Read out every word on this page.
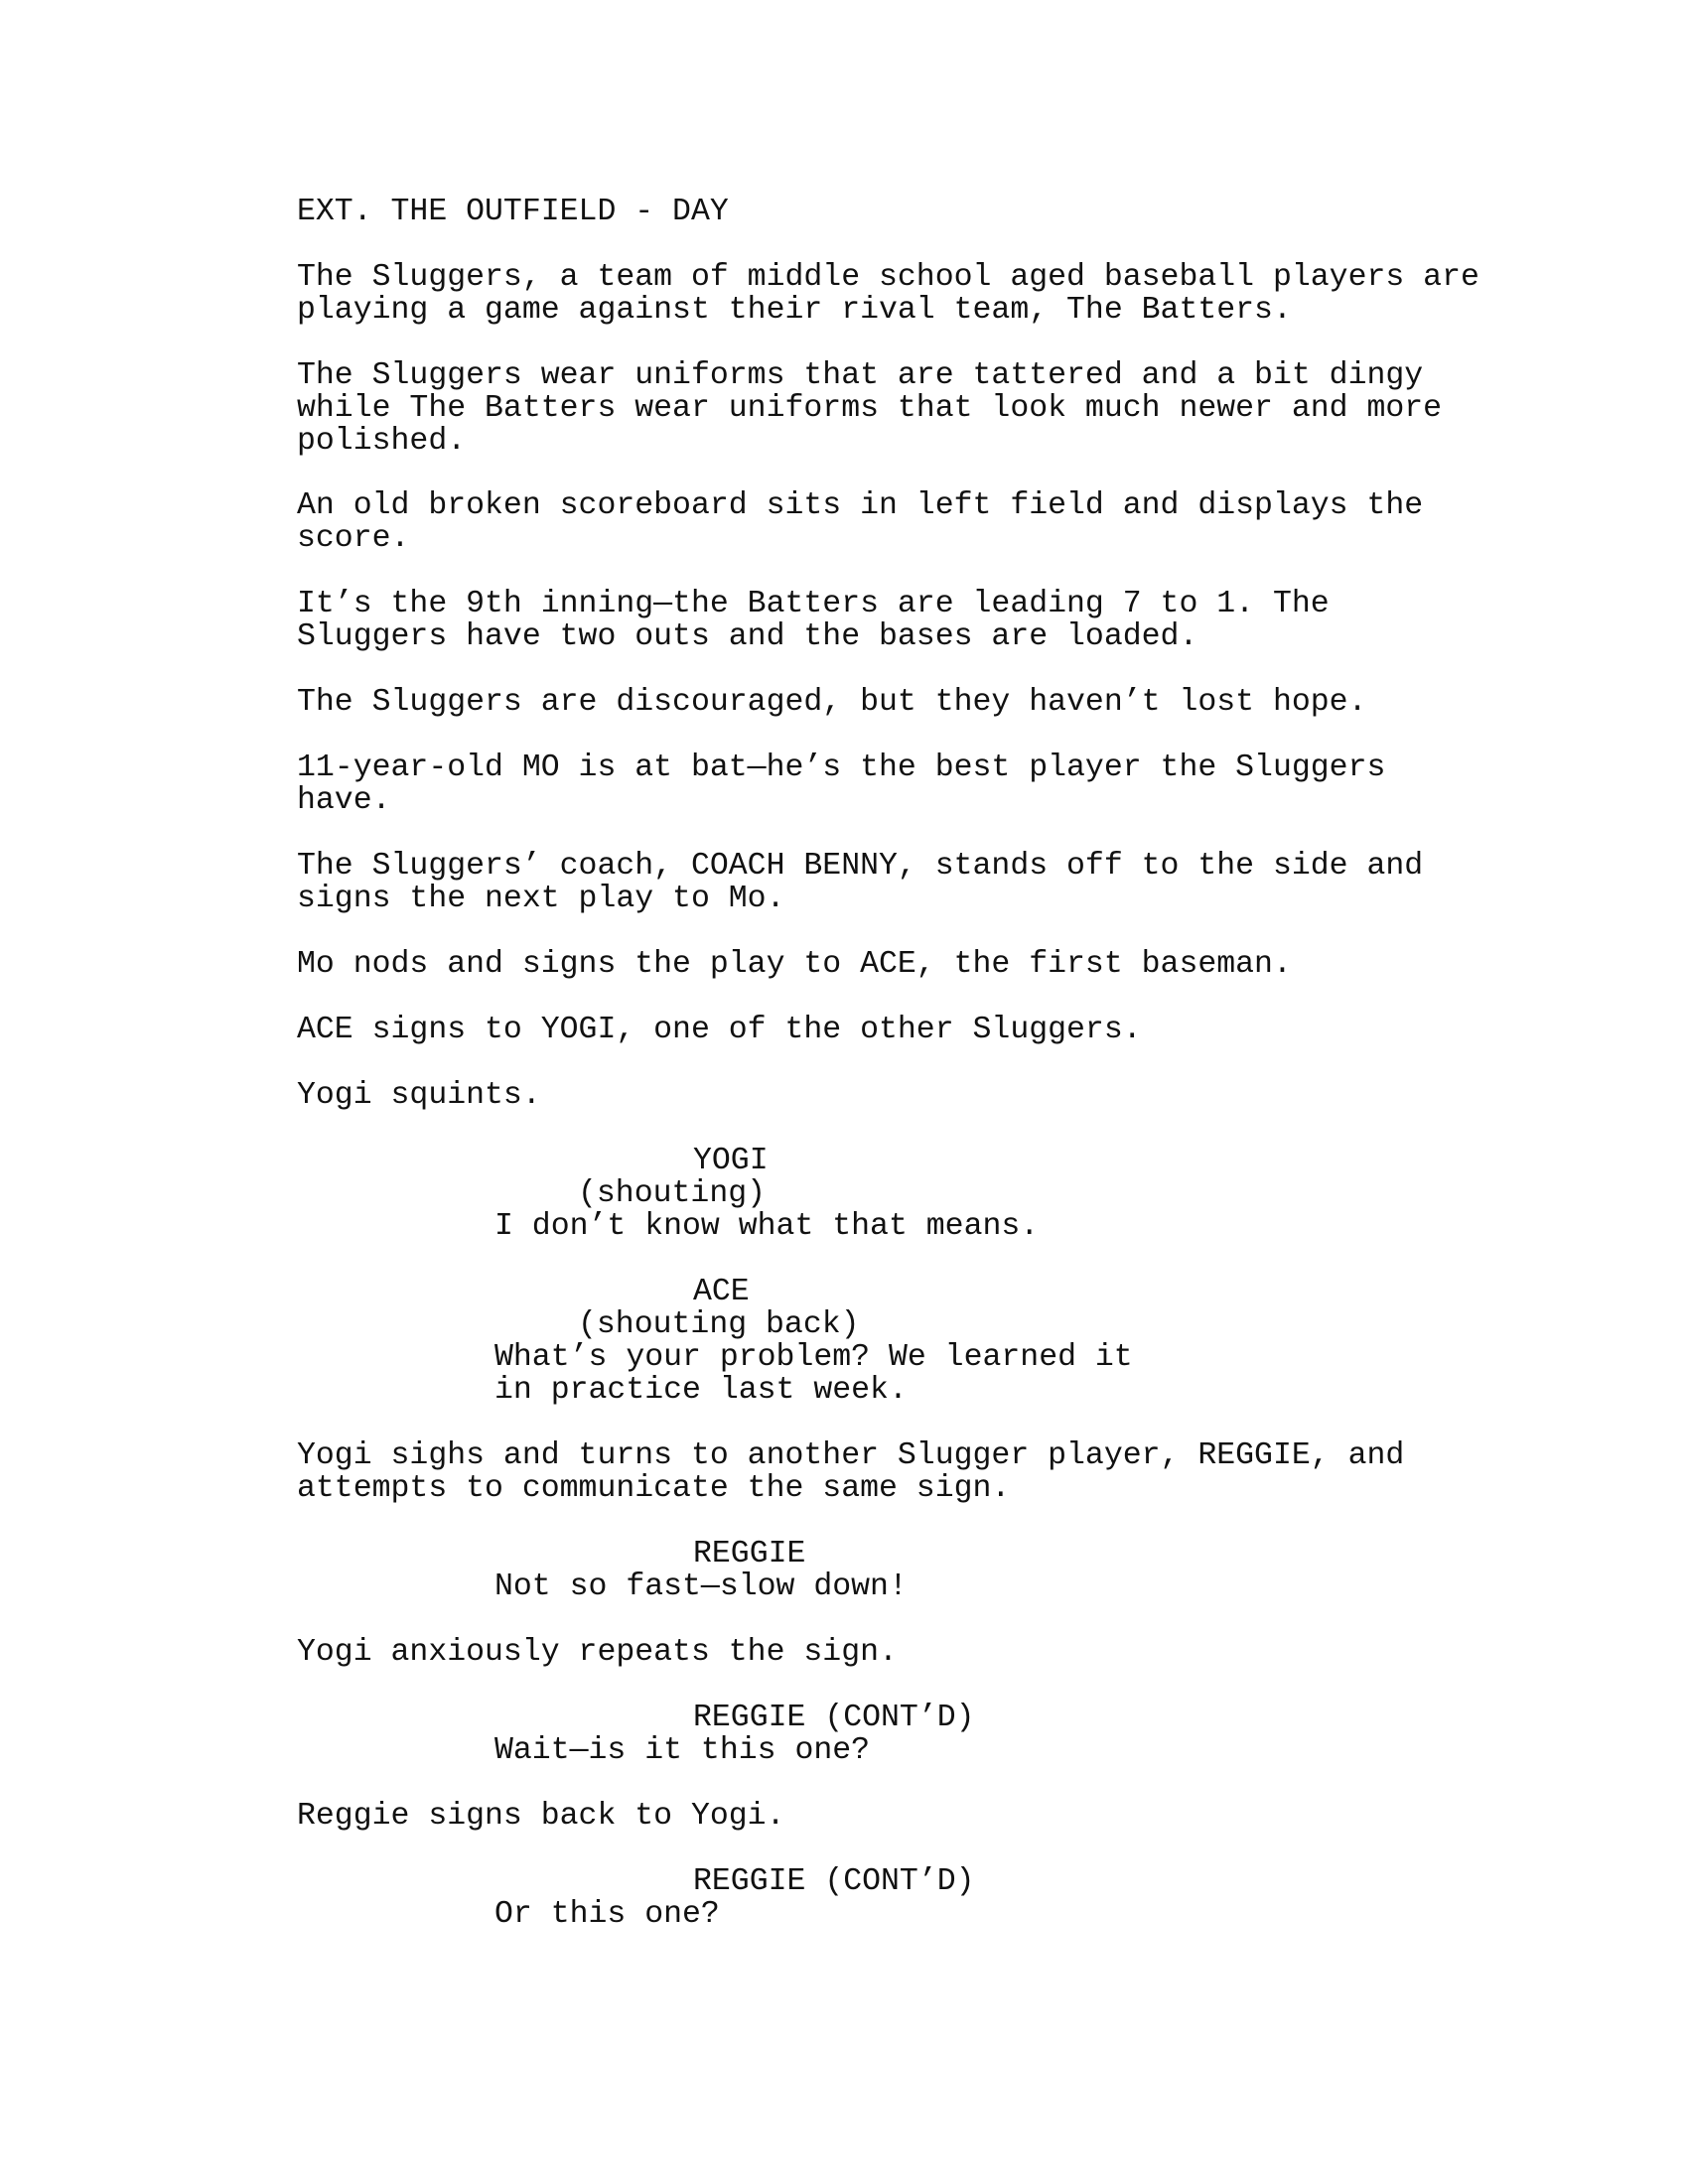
EXT. THE OUTFIELD - DAY
The Sluggers, a team of middle school aged baseball players are playing a game against their rival team, The Batters.
The Sluggers wear uniforms that are tattered and a bit dingy while The Batters wear uniforms that look much newer and more polished.
An old broken scoreboard sits in left field and displays the score.
It’s the 9th inning—the Batters are leading 7 to 1. The Sluggers have two outs and the bases are loaded.
The Sluggers are discouraged, but they haven’t lost hope.
11-year-old MO is at bat—he’s the best player the Sluggers have.
The Sluggers’ coach, COACH BENNY, stands off to the side and signs the next play to Mo.
Mo nods and signs the play to ACE, the first baseman.
ACE signs to YOGI, one of the other Sluggers.
Yogi squints.
YOGI
(shouting)
I don’t know what that means.
ACE
(shouting back)
What’s your problem? We learned it
in practice last week.
Yogi sighs and turns to another Slugger player, REGGIE, and attempts to communicate the same sign.
REGGIE
Not so fast—slow down!
Yogi anxiously repeats the sign.
REGGIE (CONT’D)
Wait—is it this one?
Reggie signs back to Yogi.
REGGIE (CONT’D)
Or this one?
